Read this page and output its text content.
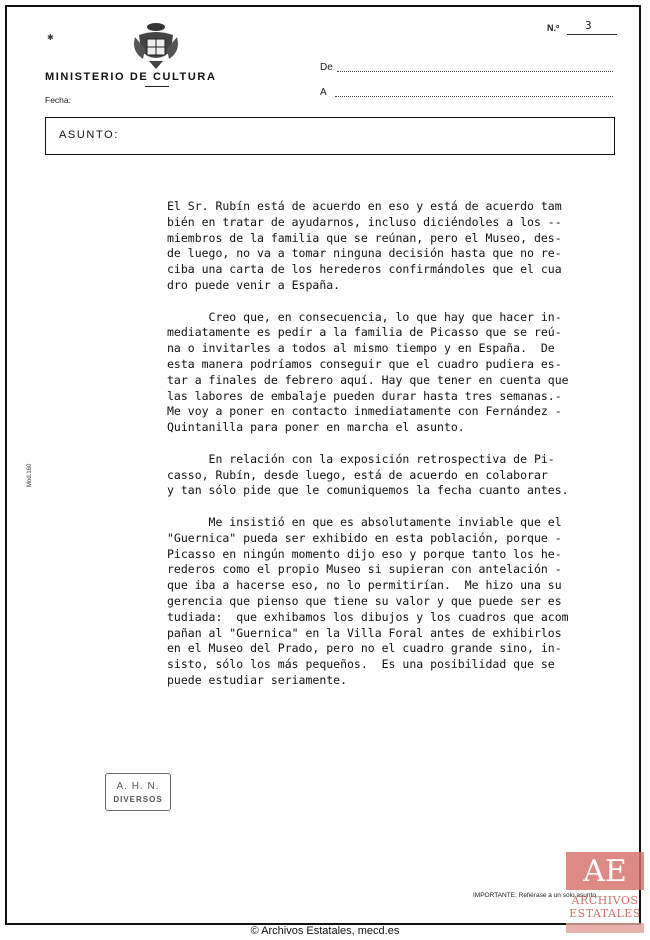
✱
MINISTERIO DE CULTURA
Fecha:
N.º 3
De
A
ASUNTO:
El Sr. Rubín está de acuerdo en eso y está de acuerdo tam
bién en tratar de ayudarnos, incluso diciéndoles a los --
miembros de la familia que se reúnan, pero el Museo, des-
de luego, no va a tomar ninguna decisión hasta que no re-
ciba una carta de los herederos confirmándoles que el cua
dro puede venir a España.
Creo que, en consecuencia, lo que hay que hacer in-
mediatamente es pedir a la familia de Picasso que se reú-
na o invitarles a todos al mismo tiempo y en España.  De
esta manera podríamos conseguir que el cuadro pudiera es-
tar a finales de febrero aquí. Hay que tener en cuenta que
las labores de embalaje pueden durar hasta tres semanas.-
Me voy a poner en contacto inmediatamente con Fernández -
Quintanilla para poner en marcha el asunto.
En relación con la exposición retrospectiva de Pi-
casso, Rubín, desde luego, está de acuerdo en colaborar
y tan sólo pide que le comuniquemos la fecha cuanto antes.
Me insistió en que es absolutamente inviable que el
"Guernica" pueda ser exhibido en esta población, porque -
Picasso en ningún momento dijo eso y porque tanto los he-
rederos como el propio Museo si supieran con antelación -
que iba a hacerse eso, no lo permitirían.  Me hizo una su
gerencia que pienso que tiene su valor y que puede ser es
tudiada:  que exhibamos los dibujos y los cuadros que acom
pañan al "Guernica" en la Villa Foral antes de exhibirlos
en el Museo del Prado, pero no el cuadro grande sino, in-
sisto, sólo los más pequeños.  Es una posibilidad que se
puede estudiar seriamente.
Mod.160
A. H. N.
DIVERSOS
IMPORTANTE: Refiérase a un solo asunto.
AE
ARCHIVOS
ESTATALES
© Archivos Estatales, mecd.es
